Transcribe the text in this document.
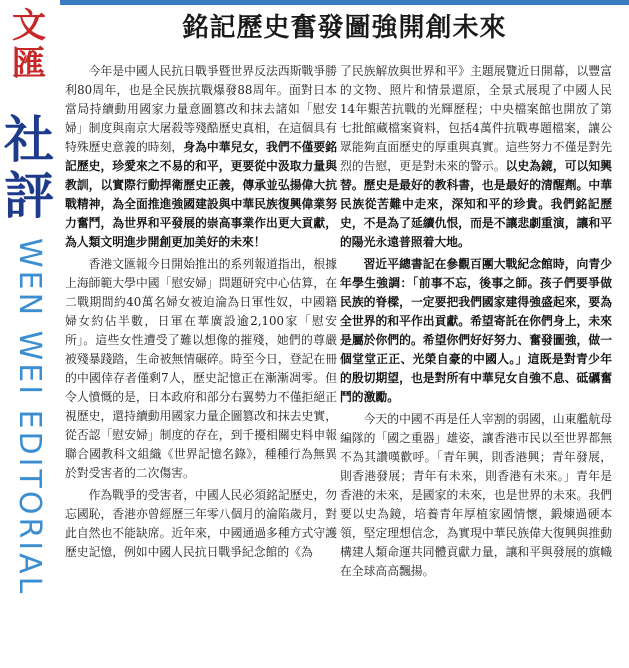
文
匯
社
評
WEN WEI EDITORIAL
銘記歷史奮發圖強開創未來

今年是中國人民抗日戰爭暨世界反法西斯戰爭勝利80周年，也是全民族抗戰爆發88周年。面對日本當局持續動用國家力量意圖篡改和抹去諸如「慰安婦」制度與南京大屠殺等殘酷歷史真相，在這個具有特殊歷史意義的時刻，身為中華兒女，我們不僅要銘記歷史，珍愛來之不易的和平，更要從中汲取力量與教訓，以實際行動捍衛歷史正義，傳承並弘揚偉大抗戰精神，為全面推進強國建設與中華民族復興偉業努力奮鬥，為世界和平發展的崇高事業作出更大貢獻，為人類文明進步開創更加美好的未來！

香港文匯報今日開始推出的系列報道指出，根據上海師範大學中國「慰安婦」問題研究中心估算，在二戰期間約40萬名婦女被迫淪為日軍性奴，中國籍婦女約佔半數，日軍在華廣設逾2,100家「慰安所」。這些女性遭受了難以想像的摧殘，她們的尊嚴被殘暴踐踏，生命被無情碾碎。時至今日，登記在冊的中國倖存者僅剩7人，歷史記憶正在漸漸凋零。但令人憤慨的是，日本政府和部分右翼勢力不僅拒絕正視歷史，還持續動用國家力量企圖篡改和抹去史實，從否認「慰安婦」制度的存在，到千擾相關史料申報聯合國教科文組織《世界記憶名錄》，種種行為無異於對受害者的二次傷害。

作為戰爭的受害者，中國人民必須銘記歷史，勿忘國恥，香港亦曾經歷三年零八個月的淪陷歲月，對此自然也不能缺席。近年來，中國通過多種方式守護歷史記憶，例如中國人民抗日戰爭紀念館的《為

了民族解放與世界和平》主題展覽近日開幕，以豐富的文物、照片和情景還原，全景式展現了中國人民14年艱苦抗戰的光輝歷程；中央檔案館也開放了第七批館藏檔案資料，包括4萬件抗戰專題檔案，讓公眾能夠直面歷史的厚重與真實。這些努力不僅是對先烈的告慰，更是對未來的警示。以史為鏡，可以知興替。歷史是最好的教科書，也是最好的清醒劑。中華民族從苦難中走來，深知和平的珍貴。我們銘記歷史，不是為了延續仇恨，而是不讓悲劇重演，讓和平的陽光永遠普照着大地。

習近平總書記在參觀百團大戰紀念館時，向青少年學生強調：「前事不忘，後事之師。孩子們要爭做民族的脊樑，一定要把我們國家建得強盛起來，要為全世界的和平作出貢獻。希望寄託在你們身上，未來是屬於你們的。希望你們好好努力、奮發圖強，做一個堂堂正正、光榮自豪的中國人。」這既是對青少年的殷切期望，也是對所有中華兒女自強不息、砥礪奮鬥的激勵。

今天的中國不再是任人宰割的弱國，山東艦航母編隊的「國之重器」雄姿，讓香港市民以至世界都無不為其讚嘆歡呼。「青年興，則香港興；青年發展，則香港發展；青年有未來，則香港有未來。」青年是香港的未來，是國家的未來，也是世界的未來。我們要以史為鏡，培養青年厚植家國情懷，鍛煉過硬本領，堅定理想信念，為實現中華民族偉大復興與推動構建人類命運共同體貢獻力量，讓和平與發展的旗幟在全球高高飄揚。
